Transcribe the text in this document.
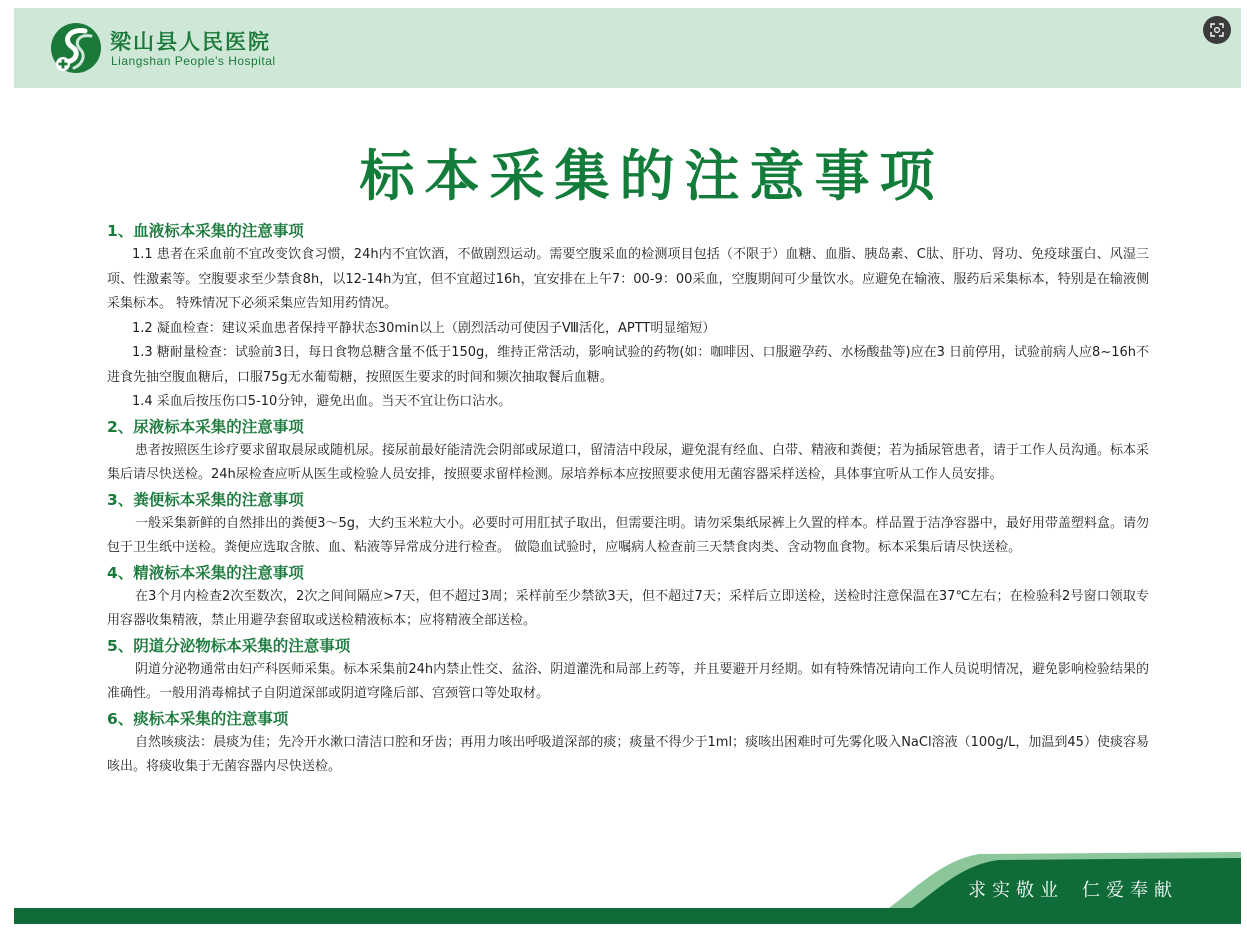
梁山县人民医院
Liangshan People's Hospital
标本采集的注意事项

1、血液标本采集的注意事项

1.1 患者在采血前不宜改变饮食习惯，24h内不宜饮酒，不做剧烈运动。需要空腹采血的检测项目包括（不限于）血糖、血脂、胰岛素、C肽、肝功、肾功、免疫球蛋白、风湿三项、性激素等。空腹要求至少禁食8h，以12-14h为宜，但不宜超过16h，宜安排在上午7：00-9：00采血，空腹期间可少量饮水。应避免在输液、服药后采集标本，特别是在输液侧采集标本。 特殊情况下必须采集应告知用药情况。

1.2 凝血检查：建议采血患者保持平静状态30min以上（剧烈活动可使因子Ⅷ活化，APTT明显缩短）

1.3 糖耐量检查：试验前3日，每日食物总糖含量不低于150g，维持正常活动，影响试验的药物(如：咖啡因、口服避孕药、水杨酸盐等)应在3 日前停用，试验前病人应8~16h不进食先抽空腹血糖后，口服75g无水葡萄糖，按照医生要求的时间和频次抽取餐后血糖。

1.4 采血后按压伤口5-10分钟，避免出血。当天不宜让伤口沾水。

2、尿液标本采集的注意事项

患者按照医生诊疗要求留取晨尿或随机尿。接尿前最好能清洗会阴部或尿道口，留清洁中段尿，避免混有经血、白带、精液和粪便；若为插尿管患者，请于工作人员沟通。标本采集后请尽快送检。24h尿检查应听从医生或检验人员安排，按照要求留样检测。尿培养标本应按照要求使用无菌容器采样送检，具体事宜听从工作人员安排。

3、粪便标本采集的注意事项

一般采集新鲜的自然排出的粪便3～5g，大约玉米粒大小。必要时可用肛拭子取出，但需要注明。请勿采集纸尿裤上久置的样本。样品置于洁净容器中，最好用带盖塑料盒。请勿包于卫生纸中送检。粪便应选取含脓、血、粘液等异常成分进行检查。 做隐血试验时，应嘱病人检查前三天禁食肉类、含动物血食物。标本采集后请尽快送检。

4、精液标本采集的注意事项

在3个月内检查2次至数次，2次之间间隔应>7天，但不超过3周；采样前至少禁欲3天，但不超过7天；采样后立即送检，送检时注意保温在37℃左右；在检验科2号窗口领取专用容器收集精液，禁止用避孕套留取或送检精液标本；应将精液全部送检。

5、阴道分泌物标本采集的注意事项

阴道分泌物通常由妇产科医师采集。标本采集前24h内禁止性交、盆浴、阴道灌洗和局部上药等，并且要避开月经期。如有特殊情况请向工作人员说明情况，避免影响检验结果的准确性。一般用消毒棉拭子自阴道深部或阴道穹隆后部、宫颈管口等处取材。

6、痰标本采集的注意事项

自然咳痰法：晨痰为佳；先冷开水漱口清洁口腔和牙齿；再用力咳出呼吸道深部的痰；痰量不得少于1ml；痰咳出困难时可先雾化吸入NaCl溶液（100g/L，加温到45）使痰容易咳出。将痰收集于无菌容器内尽快送检。

求实敬业 仁爱奉献
